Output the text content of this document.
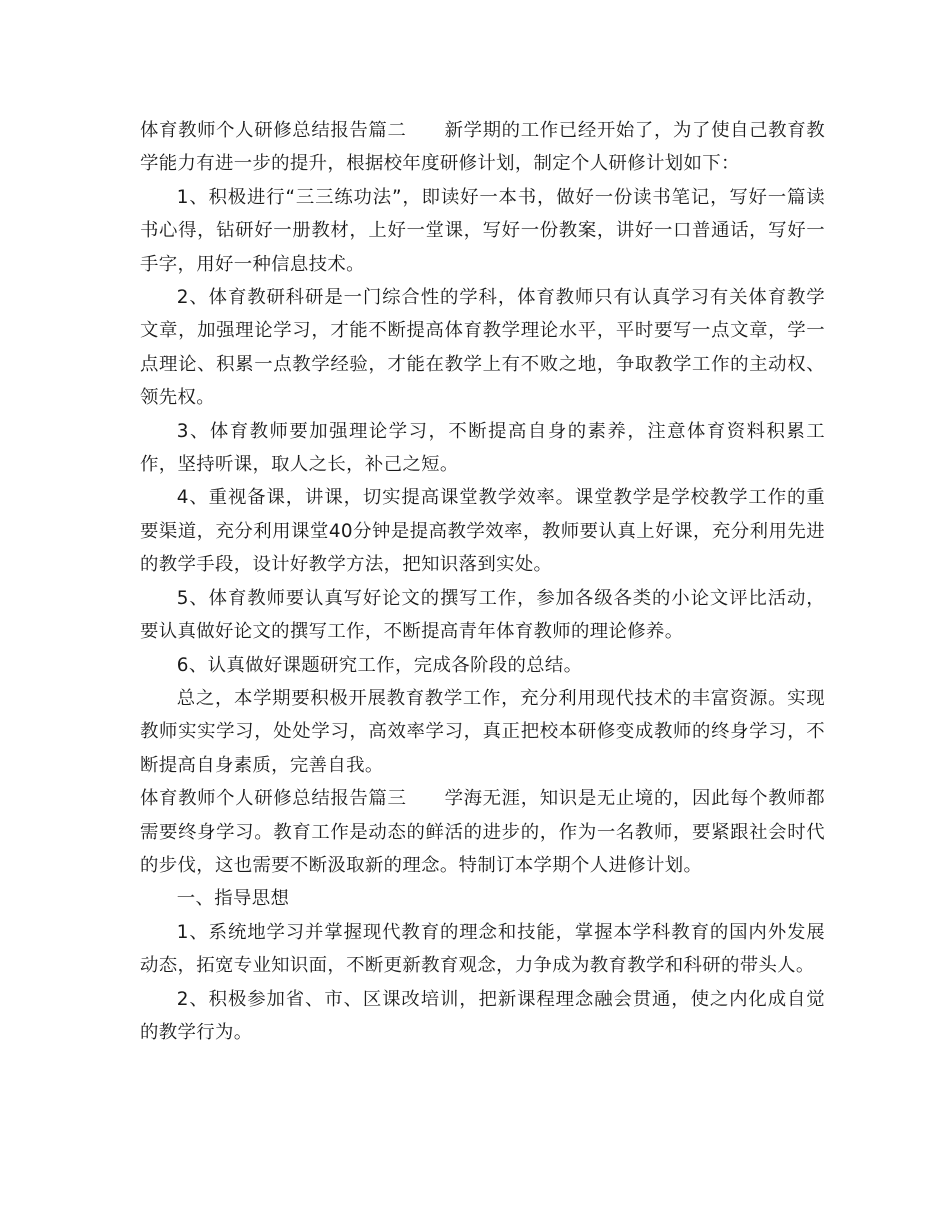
体育教师个人研修总结报告篇二　　新学期的工作已经开始了，为了使自己教育教学能力有进一步的提升，根据校年度研修计划，制定个人研修计划如下：

1、积极进行“三三练功法”，即读好一本书，做好一份读书笔记，写好一篇读书心得，钻研好一册教材，上好一堂课，写好一份教案，讲好一口普通话，写好一手字，用好一种信息技术。

2、体育教研科研是一门综合性的学科，体育教师只有认真学习有关体育教学文章，加强理论学习，才能不断提高体育教学理论水平，平时要写一点文章，学一点理论、积累一点教学经验，才能在教学上有不败之地，争取教学工作的主动权、领先权。

3、体育教师要加强理论学习，不断提高自身的素养，注意体育资料积累工作，坚持听课，取人之长，补己之短。

4、重视备课，讲课，切实提高课堂教学效率。课堂教学是学校教学工作的重要渠道，充分利用课堂40分钟是提高教学效率，教师要认真上好课，充分利用先进的教学手段，设计好教学方法，把知识落到实处。

5、体育教师要认真写好论文的撰写工作，参加各级各类的小论文评比活动，要认真做好论文的撰写工作，不断提高青年体育教师的理论修养。

6、认真做好课题研究工作，完成各阶段的总结。

总之，本学期要积极开展教育教学工作，充分利用现代技术的丰富资源。实现教师实实学习，处处学习，高效率学习，真正把校本研修变成教师的终身学习，不断提高自身素质，完善自我。

体育教师个人研修总结报告篇三　　学海无涯，知识是无止境的，因此每个教师都需要终身学习。教育工作是动态的鲜活的进步的，作为一名教师，要紧跟社会时代的步伐，这也需要不断汲取新的理念。特制订本学期个人进修计划。

一、指导思想

1、系统地学习并掌握现代教育的理念和技能，掌握本学科教育的国内外发展动态，拓宽专业知识面，不断更新教育观念，力争成为教育教学和科研的带头人。

2、积极参加省、市、区课改培训，把新课程理念融会贯通，使之内化成自觉的教学行为。
